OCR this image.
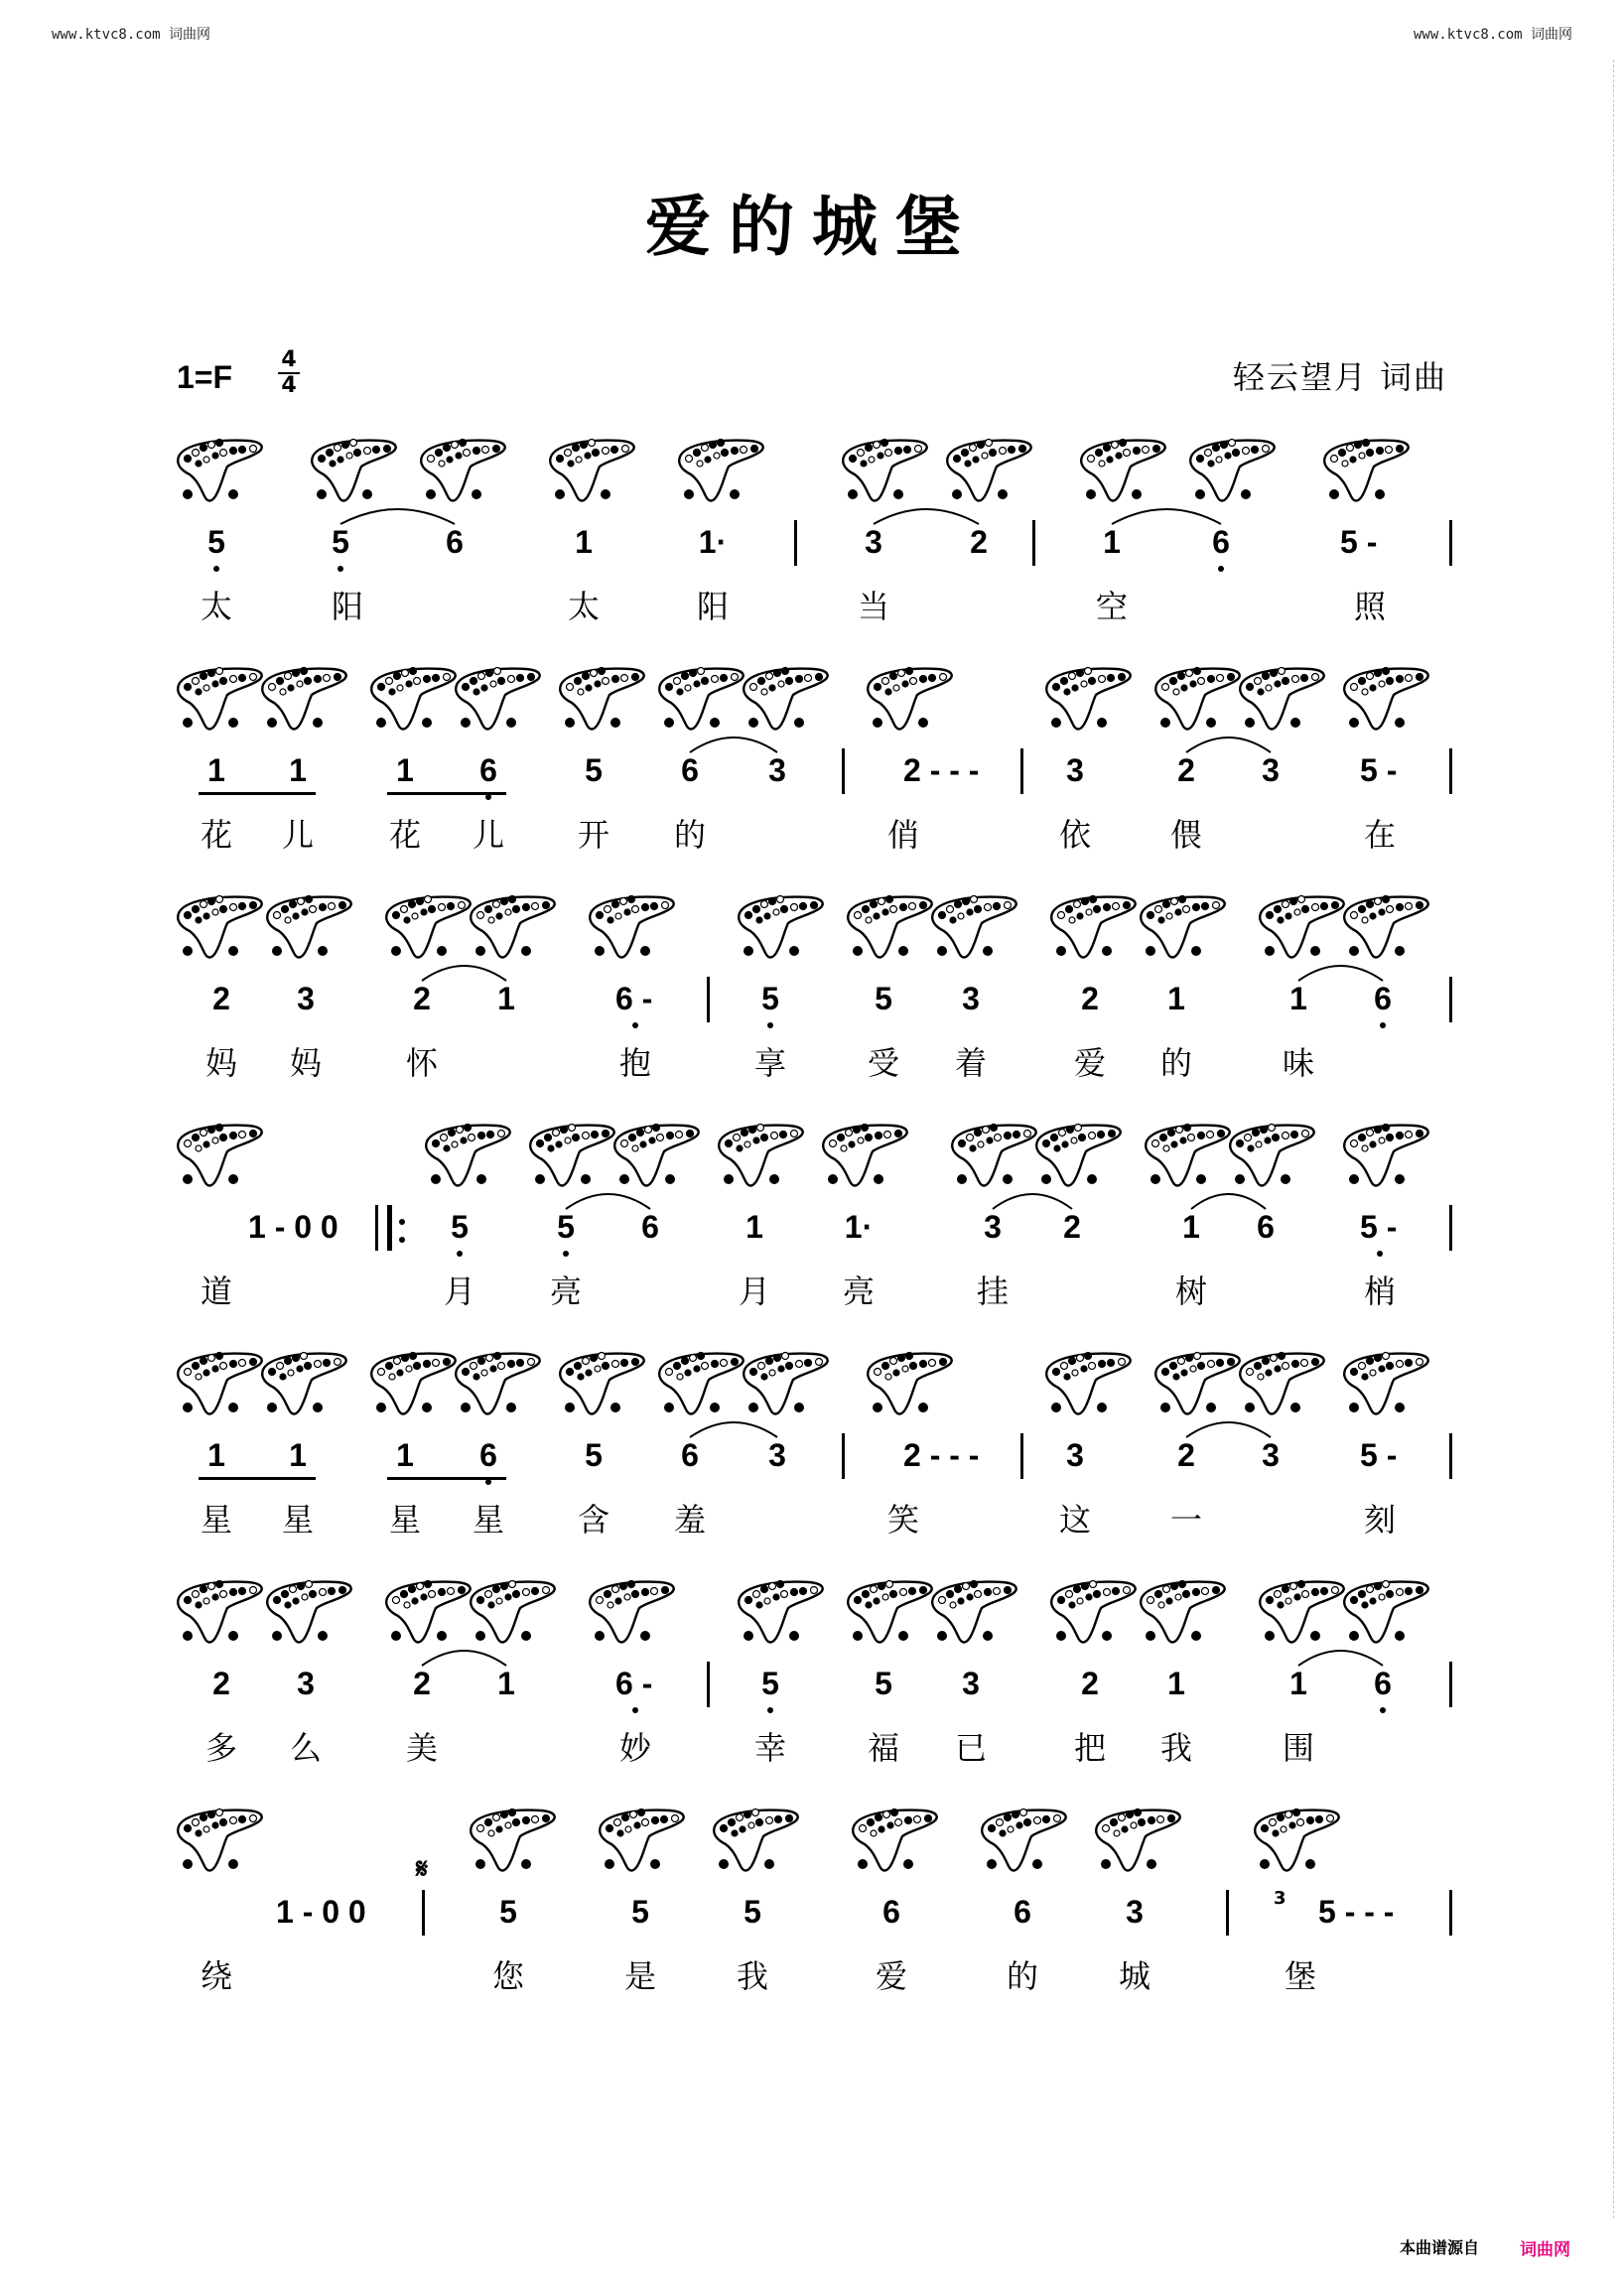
www.ktvc8.com 词曲网	www.ktvc8.com 词曲网
爱的城堡
1=F 4
4	轻云望月 词曲
5	5	6	1	1·	3	2	1	6	5 -
太	阳	太	阳	当	空	照
1	1	1	6	5	6	3	2 - - -	3	2	3	5 -
花 儿 花 儿 开 的	俏	依 偎	在
2	3	2	1	6 -	5	5	3	2	1	1	6
妈 妈	怀	抱	享	受 着	爱 的	味
1 - 0 0	5	5	6	1	1·	3	2	1	6	5 -
道	月 亮	月 亮	挂	树	梢
1	1	1	6	5	6	3	2 - - -	3	2	3	5 -
星 星 星 星 含 羞	笑	这 一	刻
2	3	2	1	6 -	5	5	3	2	1	1	6
多 么	美	妙	幸	福 已	把 我	围
1 - 0 0	5	5	5	6	6	3	5 - - -
𝄋
3
绕	您	是	我	爱	的	城	堡
本曲谱源自 词曲网
